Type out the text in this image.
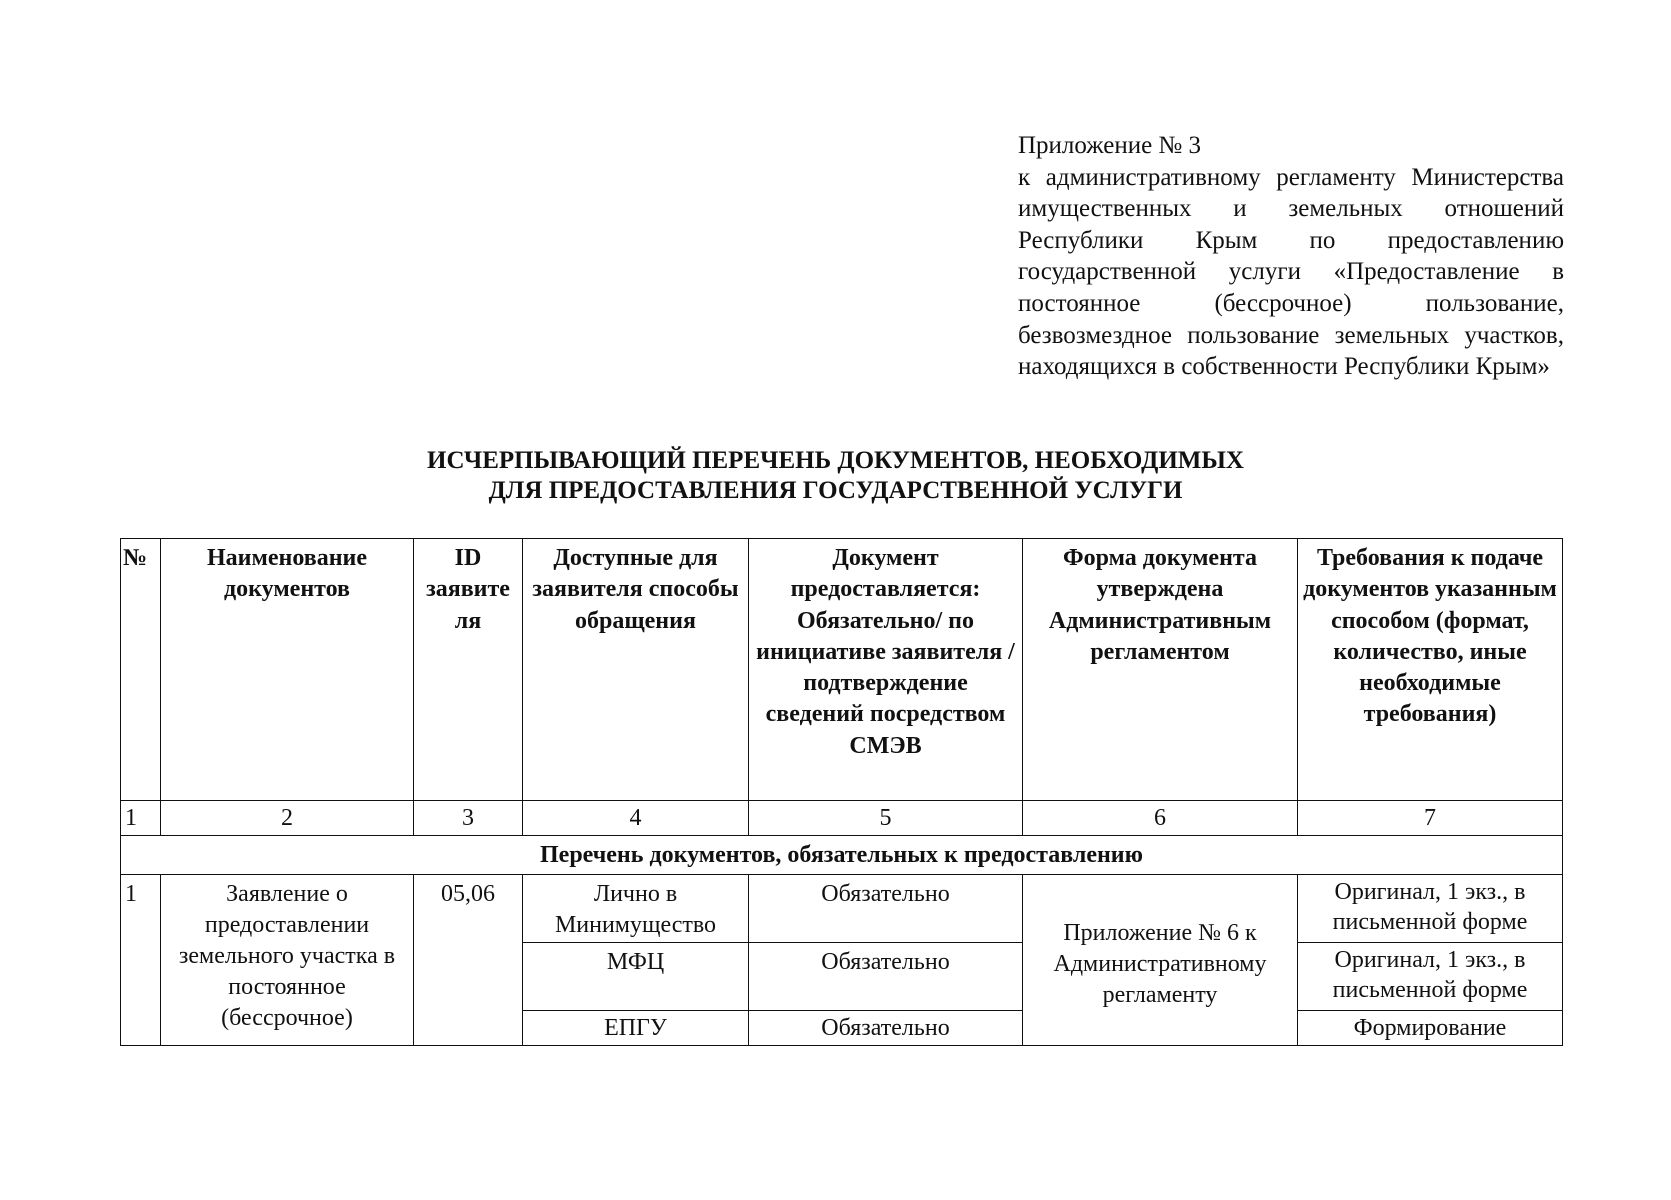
Приложение № 3
к административному регламенту Министерства имущественных и земельных отношений Республики Крым по предоставлению государственной услуги «Предоставление в постоянное (бессрочное) пользование, безвозмездное пользование земельных участков, находящихся в собственности Республики Крым»
ИСЧЕРПЫВАЮЩИЙ ПЕРЕЧЕНЬ ДОКУМЕНТОВ, НЕОБХОДИМЫХ
ДЛЯ ПРЕДОСТАВЛЕНИЯ ГОСУДАРСТВЕННОЙ УСЛУГИ
№	Наименование документов	ID заявите ля	Доступные для заявителя способы обращения	Документ предоставляется: Обязательно/ по инициативе заявителя /подтверждение сведений посредством СМЭВ	Форма документа утверждена Административным регламентом	Требования к подаче документов указанным способом (формат, количество, иные необходимые требования)
1	2	3	4	5	6	7
Перечень документов, обязательных к предоставлению						
1	Заявление о предоставлении земельного участка в постоянное (бессрочное)	05,06	Лично в Минимущество	Обязательно	Приложение № 6 к Административному регламенту	Оригинал, 1 экз., в письменной форме
			МФЦ	Обязательно		Оригинал, 1 экз., в письменной форме
			ЕПГУ	Обязательно		Формирование
